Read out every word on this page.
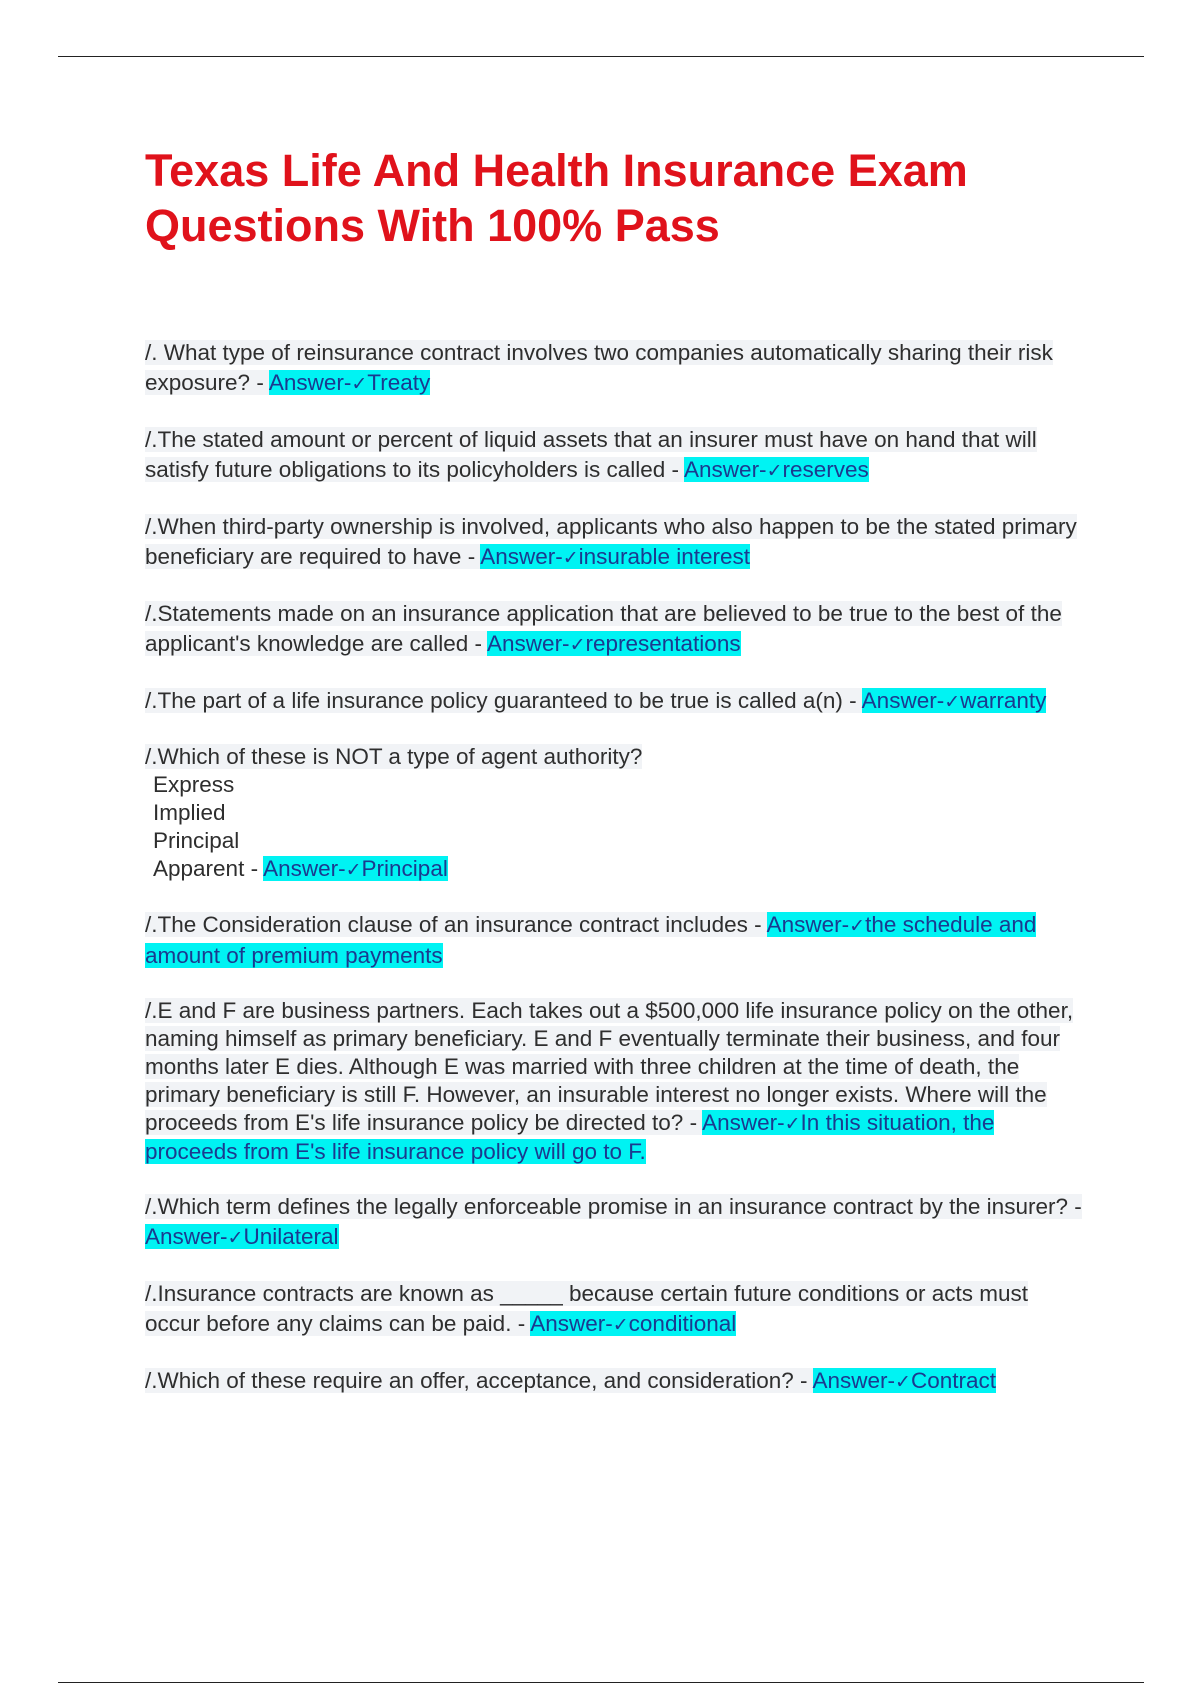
Texas Life And Health Insurance Exam
Questions With 100% Pass

/. What type of reinsurance contract involves two companies automatically sharing their risk exposure? - Answer-✓Treaty

/.The stated amount or percent of liquid assets that an insurer must have on hand that will satisfy future obligations to its policyholders is called - Answer-✓reserves

/.When third-party ownership is involved, applicants who also happen to be the stated primary beneficiary are required to have - Answer-✓insurable interest

/.Statements made on an insurance application that are believed to be true to the best of the applicant's knowledge are called - Answer-✓representations

/.The part of a life insurance policy guaranteed to be true is called a(n) - Answer-✓warranty

/.Which of these is NOT a type of agent authority?
Express
Implied
Principal
Apparent - Answer-✓Principal

/.The Consideration clause of an insurance contract includes - Answer-✓the schedule and amount of premium payments

/.E and F are business partners. Each takes out a $500,000 life insurance policy on the other, naming himself as primary beneficiary. E and F eventually terminate their business, and four months later E dies. Although E was married with three children at the time of death, the primary beneficiary is still F. However, an insurable interest no longer exists. Where will the proceeds from E's life insurance policy be directed to? - Answer-✓In this situation, the proceeds from E's life insurance policy will go to F.

/.Which term defines the legally enforceable promise in an insurance contract by the insurer? - Answer-✓Unilateral

/.Insurance contracts are known as _____ because certain future conditions or acts must occur before any claims can be paid. - Answer-✓conditional

/.Which of these require an offer, acceptance, and consideration? - Answer-✓Contract
